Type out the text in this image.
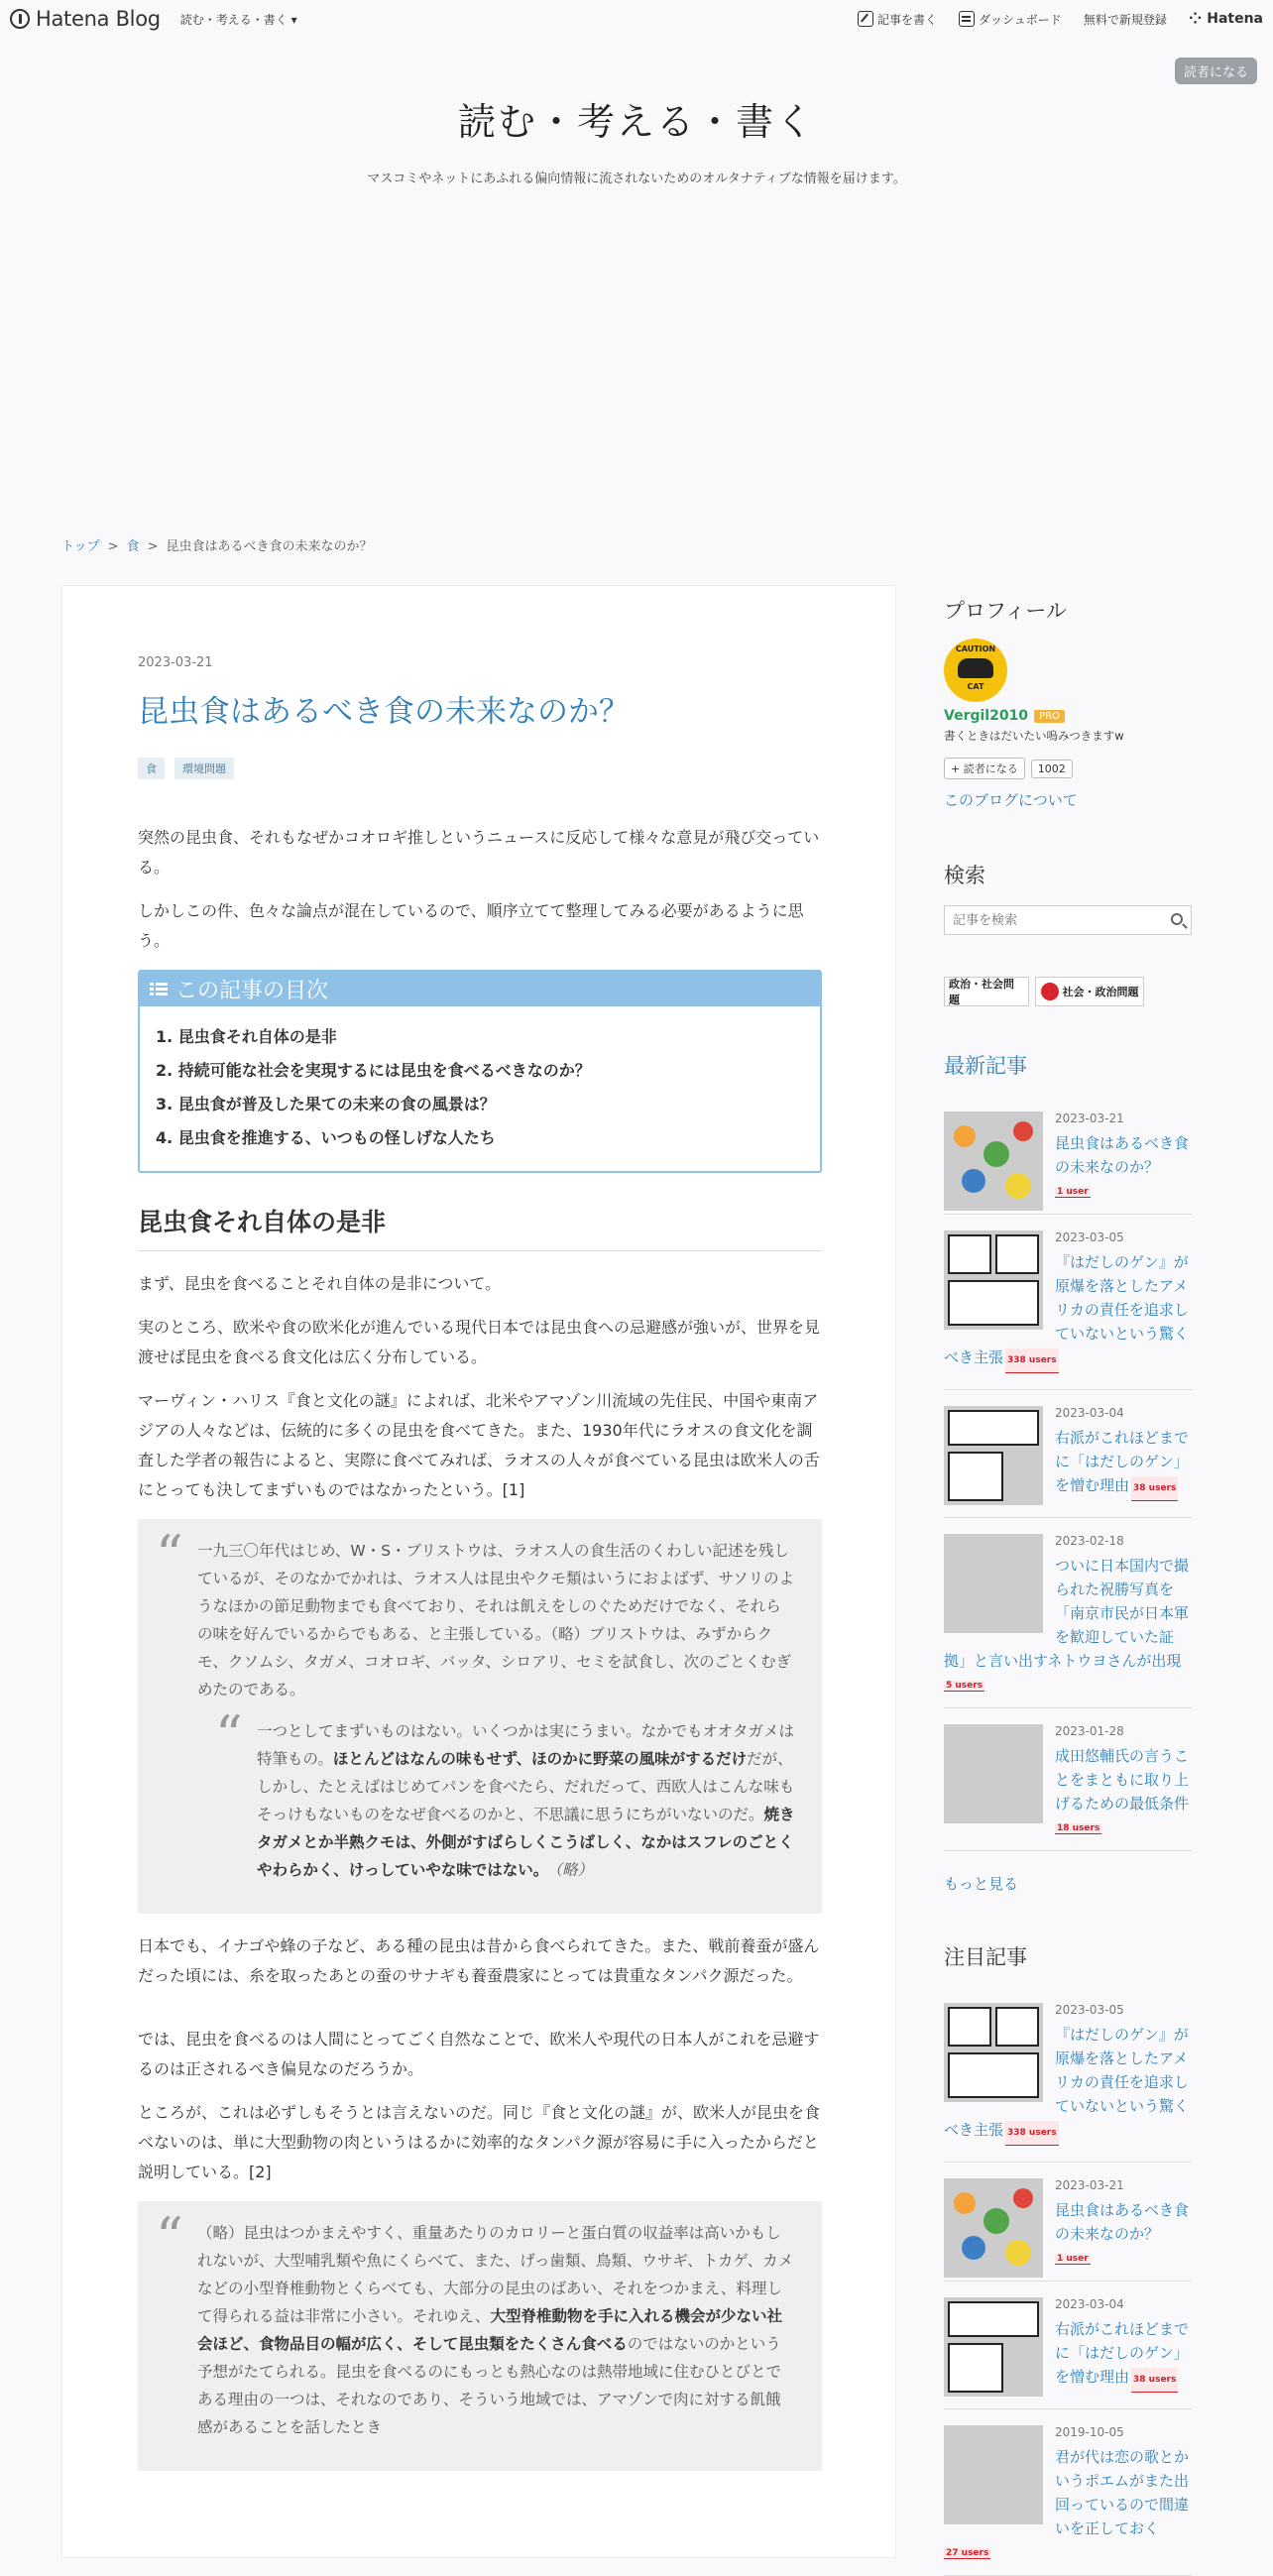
Hatena Blog 読む・考える・書く ▾	記事を書く	ダッシュボード 無料で新規登録 ⁘ Hatena
読者になる
読む・考える・書く

マスコミやネットにあふれる偏向情報に流されないためのオルタナティブな情報を届けます。

トップ > 食 > 昆虫食はあるべき食の未来なのか？
2023-03-21
昆虫食はあるべき食の未来なのか？
食	環境問題

突然の昆虫食、それもなぜかコオロギ推しというニュースに反応して様々な意見が飛び交っている。

しかしこの件、色々な論点が混在しているので、順序立てて整理してみる必要があるように思う。

この記事の目次
1. 昆虫食それ自体の是非
2. 持続可能な社会を実現するには昆虫を食べるべきなのか？
3. 昆虫食が普及した果ての未来の食の風景は？
4. 昆虫食を推進する、いつもの怪しげな人たち
昆虫食それ自体の是非

まず、昆虫を食べることそれ自体の是非について。

実のところ、欧米や食の欧米化が進んでいる現代日本では昆虫食への忌避感が強いが、世界を見渡せば昆虫を食べる食文化は広く分布している。

マーヴィン・ハリス『食と文化の謎』によれば、北米やアマゾン川流域の先住民、中国や東南アジアの人々などは、伝統的に多くの昆虫を食べてきた。また、1930年代にラオスの食文化を調査した学者の報告によると、実際に食べてみれば、ラオスの人々が食べている昆虫は欧米人の舌にとっても決してまずいものではなかったという。[1]

“ 一九三〇年代はじめ、W・S・ブリストウは、ラオス人の食生活のくわしい記述を残しているが、そのなかでかれは、ラオス人は昆虫やクモ類はいうにおよばず、サソリのようなほかの節足動物までも食べており、それは飢えをしのぐためだけでなく、それらの味を好んでいるからでもある、と主張している。（略）ブリストウは、みずからクモ、クソムシ、タガメ、コオロギ、バッタ、シロアリ、セミを試食し、次のごとくむぎめたのである。

“ 一つとしてまずいものはない。いくつかは実にうまい。なかでもオオタガメは特筆もの。ほとんどはなんの味もせず、ほのかに野菜の風味がするだけだが、しかし、たとえばはじめてパンを食べたら、だれだって、西欧人はこんな味もそっけもないものをなぜ食べるのかと、不思議に思うにちがいないのだ。焼きタガメとか半熟クモは、外側がすばらしくこうばしく、なかはスフレのごとくやわらかく、けっしていやな味ではない。 （略）

日本でも、イナゴや蜂の子など、ある種の昆虫は昔から食べられてきた。また、戦前養蚕が盛んだった頃には、糸を取ったあとの蚕のサナギも養蚕農家にとっては貴重なタンパク源だった。

では、昆虫を食べるのは人間にとってごく自然なことで、欧米人や現代の日本人がこれを忌避するのは正されるべき偏見なのだろうか。

ところが、これは必ずしもそうとは言えないのだ。同じ『食と文化の謎』が、欧米人が昆虫を食べないのは、単に大型動物の肉というはるかに効率的なタンパク源が容易に手に入ったからだと説明している。[2]

“ （略）昆虫はつかまえやすく、重量あたりのカロリーと蛋白質の収益率は高いかもしれないが、大型哺乳類や魚にくらべて、また、げっ歯類、鳥類、ウサギ、トカゲ、カメなどの小型脊椎動物とくらべても、大部分の昆虫のばあい、それをつかまえ、料理して得られる益は非常に小さい。それゆえ、大型脊椎動物を手に入れる機会が少ない社会ほど、食物品目の幅が広く、そして昆虫類をたくさん食べるのではないのかという予想がたてられる。昆虫を食べるのにもっとも熱心なのは熱帯地域に住むひとびとである理由の一つは、それなのであり、そういう地域では、アマゾンで肉に対する飢餓感があることを話したとき

プロフィール
CAUTION
CAT
Vergil2010	PRO
書くときはだいたい嗚みつきますw
+ 読者になる	1002
このブログについて
検索
記事を検索
政治・社会問題
社会・政治問題
最新記事
2023-03-21
昆虫食はあるべき食の未来なのか？
1 user
2023-03-05
『はだしのゲン』が原爆を落としたアメリカの責任を追求していないという驚くべき主張 338 users
2023-03-04
右派がこれほどまでに「はだしのゲン」を憎む理由 38 users
2023-02-18
ついに日本国内で撮られた祝勝写真を「南京市民が日本軍を歓迎していた証拠」と言い出すネトウヨさんが出現
5 users
2023-01-28
成田悠輔氏の言うことをまともに取り上げるための最低条件
18 users
もっと見る
注目記事
2023-03-05
『はだしのゲン』が原爆を落としたアメリカの責任を追求していないという驚くべき主張 338 users
2023-03-21
昆虫食はあるべき食の未来なのか？
1 user
2023-03-04
右派がこれほどまでに「はだしのゲン」を憎む理由 38 users
2019-10-05
君が代は恋の歌とかいうポエムがまた出回っているので間違いを正しておく
27 users
